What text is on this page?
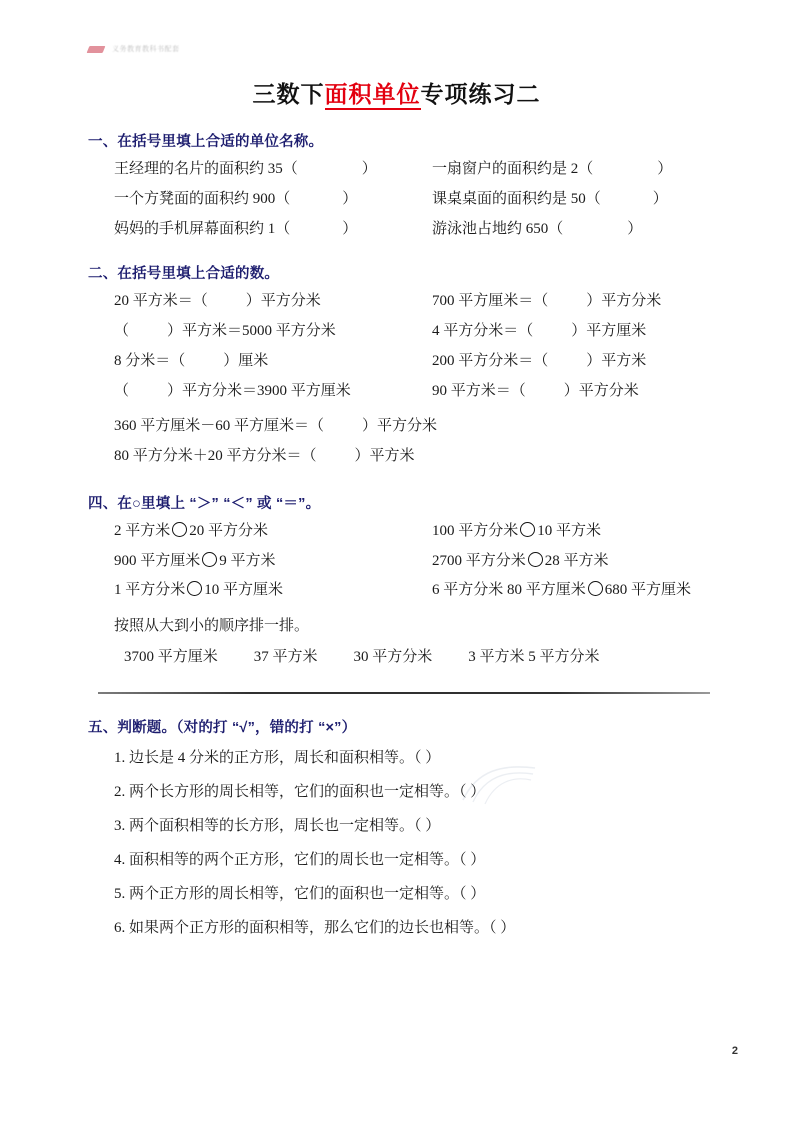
义务教育教科书配套
三数下面积单位专项练习二
一、在括号里填上合适的单位名称。
王经理的名片的面积约 35（	）	一扇窗户的面积约是 2（	）
一个方凳面的面积约 900（	）	课桌桌面的面积约是 50（	）
妈妈的手机屏幕面积约 1（	）	游泳池占地约 650（	）
二、在括号里填上合适的数。
20 平方米＝（	）平方分米	700 平方厘米＝（	）平方分米
（	）平方米＝5000 平方分米	4 平方分米＝（	）平方厘米
8 分米＝（	）厘米	200 平方分米＝（	）平方米
（	）平方分米＝3900 平方厘米	90 平方米＝（	）平方分米
360 平方厘米－60 平方厘米＝（	）平方分米
80 平方分米＋20 平方分米＝（	）平方米
四、在○里填上 “＞” “＜” 或 “＝”。
2 平方米 20 平方分米	100 平方分米 10 平方米
900 平方厘米 9 平方米	2700 平方分米 28 平方米
1 平方分米 10 平方厘米	6 平方分米 80 平方厘米 680 平方厘米
按照从大到小的顺序排一排。
3700 平方厘米 37 平方米 30 平方分米 3 平方米 5 平方分米
五、判断题。（对的打 “√”，错的打 “×”）
1. 边长是 4 分米的正方形，周长和面积相等。（ ）
2. 两个长方形的周长相等，它们的面积也一定相等。（ ）
3. 两个面积相等的长方形，周长也一定相等。（ ）
4. 面积相等的两个正方形，它们的周长也一定相等。（ ）
5. 两个正方形的周长相等，它们的面积也一定相等。（ ）
6. 如果两个正方形的面积相等，那么它们的边长也相等。（ ）
2
